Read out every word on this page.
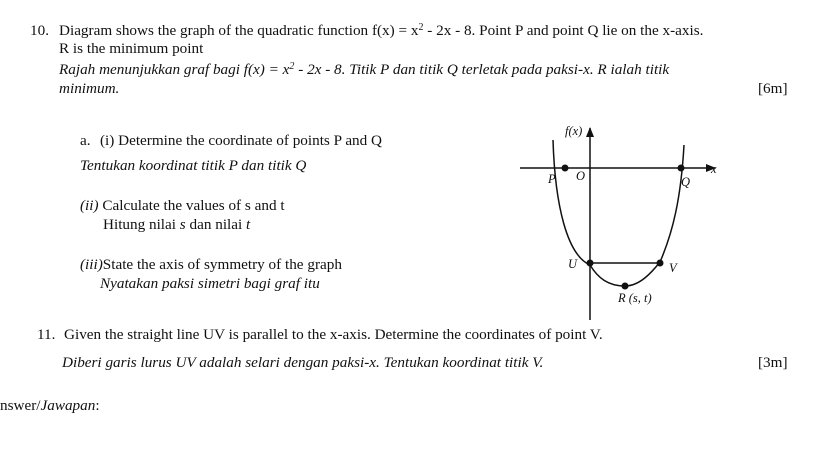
10. Diagram shows the graph of the quadratic function $f(x) = x^2 - 2x - 8$. Point P and point Q lie on the x-axis.
R is the minimum point
Rajah menunjukkan graf bagi $f(x) = x^2 - 2x - 8$. Titik P dan titik Q terletak pada paksi-x. R ialah titik
minimum.	[6m]
a. (i) Determine the coordinate of points P and Q
Tentukan koordinat titik P dan titik Q
(ii) Calculate the values of s and t
Hitung nilai s dan nilai t
(iii)State the axis of symmetry of the graph
Nyatakan paksi simetri bagi graf itu
f(x)
x
P O	Q
U	V
R (s, t)
11. Given the straight line UV is parallel to the x-axis. Determine the coordinates of point V.
Diberi garis lurus UV adalah selari dengan paksi-x. Tentukan koordinat titik V.	[3m]
nswer/Jawapan:
